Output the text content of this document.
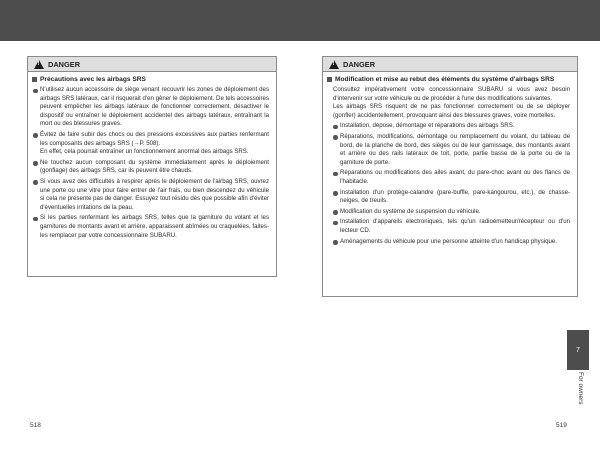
!
DANGER
Précautions avec les airbags SRS
N'utilisez aucun accessoire de siège venant recouvrir les zones de déploiement des airbags SRS latéraux, car il risquerait d'en gêner le déploiement. De tels accessoires peuvent empêcher les airbags latéraux de fonctionner correctement, désactiver le dispositif ou entraîner le déploiement accidentel des airbags latéraux, entraînant la mort ou des blessures graves.
Évitez de faire subir des chocs ou des pressions excessives aux parties renfermant les composants des airbags SRS (→P. 508).
En effet, cela pourrait entraîner un fonctionnement anormal des airbags SRS.
Ne touchez aucun composant du système immédiatement après le déploiement (gonflage) des airbags SRS, car ils peuvent être chauds.
Si vous avez des difficultés à respirer après le déploiement de l'airbag SRS, ouvrez une porte ou une vitre pour faire entrer de l'air frais, ou bien descendez du véhicule si cela ne présente pas de danger. Essuyez tout résidu dès que possible afin d'éviter d'éventuelles irritations de la peau.
Si les parties renfermant les airbags SRS, telles que la garniture du volant et les garnitures de montants avant et arrière, apparaissent abîmées ou craquelées, faites-les remplacer par votre concessionnaire SUBARU.
!
DANGER
Modification et mise au rebut des éléments du système d'airbags SRS
Consultez impérativement votre concessionnaire SUBARU si vous avez besoin d'intervenir sur votre véhicule ou de procéder à l'une des modifications suivantes.
Les airbags SRS risquent de ne pas fonctionner correctement ou de se déployer (gonfler) accidentellement, provoquant ainsi des blessures graves, voire mortelles.
Installation, dépose, démontage et réparations des airbags SRS.
Réparations, modifications, démontage ou remplacement du volant, du tableau de bord, de la planche de bord, des sièges ou de leur garnissage, des montants avant et arrière ou des rails latéraux de toit, porte, partie basse de la porte ou de la garniture de porte.
Réparations ou modifications des ailes avant, du pare-choc avant ou des flancs de l'habitacle.
Installation d'un protège-calandre (pare-buffle, pare-kangourou, etc.), de chasse-neiges, de treuils.
Modification du système de suspension du véhicule.
Installation d'appareils électroniques, tels qu'un radioémetteur/récepteur ou d'un lecteur CD.
Aménagements du véhicule pour une personne atteinte d'un handicap physique.
7
For owners
518	519
